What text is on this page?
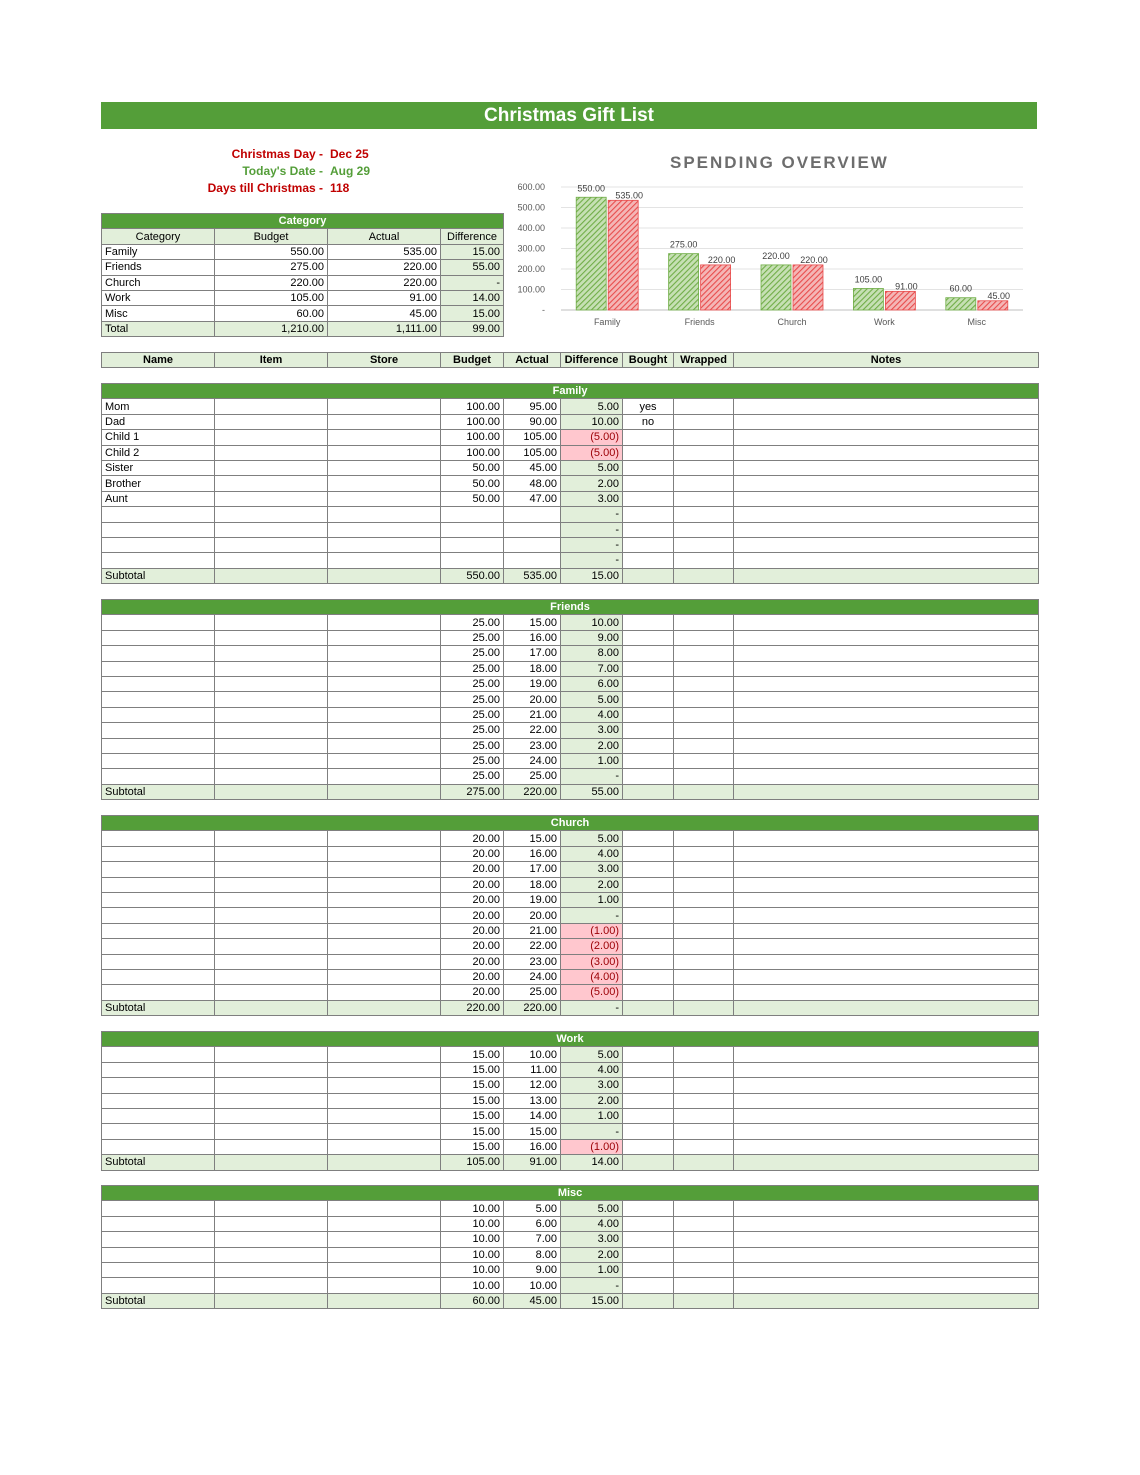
Christmas Gift List
Christmas Day - Dec 25
Today's Date - Aug 29
Days till Christmas - 118
Category			
Category	Budget	Actual	Difference
Family	550.00	535.00	15.00
Friends	275.00	220.00	55.00
Church	220.00	220.00	-
Work	105.00	91.00	14.00
Misc	60.00	45.00	15.00
Total	1,210.00	1,111.00	99.00
SPENDING OVERVIEW
-
100.00
200.00
300.00
400.00
500.00
600.00	550.00
535.00
275.00
220.00	220.00 220.00
105.00
91.00	60.00
45.00
Family	Friends	Church	Work	Misc
Name	Item	Store	Budget	Actual	Difference	Bought	Wrapped	Notes
Family								
Mom			100.00	95.00	5.00	yes		
Dad			100.00	90.00	10.00	no		
Child 1			100.00	105.00	(5.00)			
Child 2			100.00	105.00	(5.00)			
Sister			50.00	45.00	5.00			
Brother			50.00	48.00	2.00			
Aunt			50.00	47.00	3.00			
					-			
					-			
					-			
					-			
Subtotal			550.00	535.00	15.00			
Friends								
			25.00	15.00	10.00			
			25.00	16.00	9.00			
			25.00	17.00	8.00			
			25.00	18.00	7.00			
			25.00	19.00	6.00			
			25.00	20.00	5.00			
			25.00	21.00	4.00			
			25.00	22.00	3.00			
			25.00	23.00	2.00			
			25.00	24.00	1.00			
			25.00	25.00	-			
Subtotal			275.00	220.00	55.00			
Church								
			20.00	15.00	5.00			
			20.00	16.00	4.00			
			20.00	17.00	3.00			
			20.00	18.00	2.00			
			20.00	19.00	1.00			
			20.00	20.00	-			
			20.00	21.00	(1.00)			
			20.00	22.00	(2.00)			
			20.00	23.00	(3.00)			
			20.00	24.00	(4.00)			
			20.00	25.00	(5.00)			
Subtotal			220.00	220.00	-			
Work								
			15.00	10.00	5.00			
			15.00	11.00	4.00			
			15.00	12.00	3.00			
			15.00	13.00	2.00			
			15.00	14.00	1.00			
			15.00	15.00	-			
			15.00	16.00	(1.00)			
Subtotal			105.00	91.00	14.00			
Misc								
			10.00	5.00	5.00			
			10.00	6.00	4.00			
			10.00	7.00	3.00			
			10.00	8.00	2.00			
			10.00	9.00	1.00			
			10.00	10.00	-			
Subtotal			60.00	45.00	15.00			
